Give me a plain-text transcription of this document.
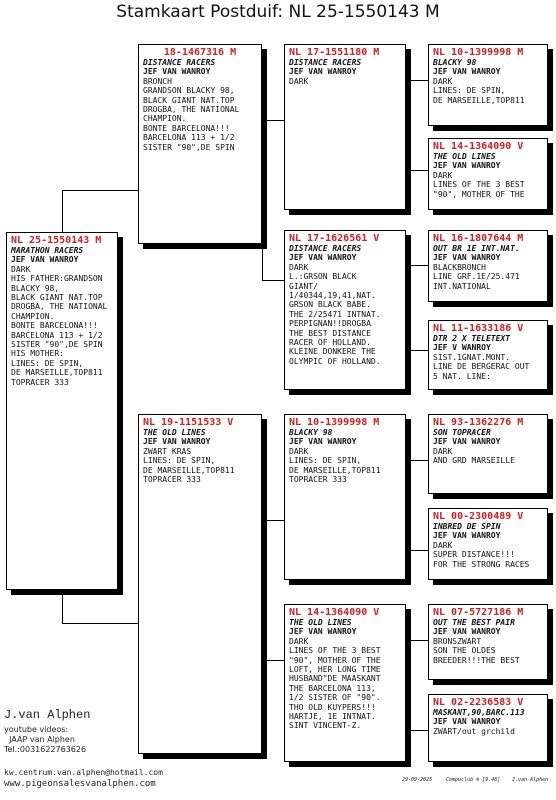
Stamkaart Postduif: NL 25-1550143 M
NL 25-1550143 M
MARATHON RACERS
JEF VAN WANROY
DARK
HIS FATHER:GRANDSON
BLACKY 98,
BLACK GIANT NAT.TOP
DROGBA, THE NATIONAL
CHAMPION.
BONTE BARCELONA!!!
BARCELONA 113 + 1/2
SISTER "90",DE SPIN
HIS MOTHER:
LINES: DE SPIN,
DE MARSEILLE,TOP811
TOPRACER 333
18-1467316 M
DISTANCE RACERS
JEF VAN WANROY
BRONCH
GRANDSON BLACKY 98,
BLACK GIANT NAT.TOP
DROGBA, THE NATIONAL
CHAMPION.
BONTE BARCELONA!!!
BARCELONA 113 + 1/2
SISTER "90",DE SPIN
NL 19-1151533 V
THE OLD LINES
JEF VAN WANROY
ZWART KRAS
LINES: DE SPIN,
DE MARSEILLE,TOP811
TOPRACER 333
NL 17-1551180 M
DISTANCE RACERS
JEF VAN WANROY
DARK
NL 17-1626561 V
DISTANCE RACERS
JEF VAN WANROY
DARK
L.:GRSON BLACK
GIANT/
1/40344,19,41,NAT.
GRSON BLACK BABE.
THE 2/25471 INTNAT.
PERPIGNAN!!DROGBA
THE BEST DISTANCE
RACER OF HOLLAND.
KLEINE DONKERE THE
OLYMPIC OF HOLLAND.
NL 10-1399998 M
BLACKY 98
JEF VAN WANROY
DARK
LINES: DE SPIN,
DE MARSEILLE,TOP811
TOPRACER 333
NL 14-1364090 V
THE OLD LINES
JEF VAN WANROY
DARK
LINES OF THE 3 BEST
"90", MOTHER OF THE
LOFT, HER LONG TIME
HUSBAND"DE MAASKANT
THE BARCELONA 113,
1/2 SISTER OF "90".
THO OLD KUYPERS!!!
HARTJE, 1E INTNAT.
SINT VINCENT-Z.
NL 10-1399998 M
BLACKY 98
JEF VAN WANROY
DARK
LINES: DE SPIN,
DE MARSEILLE,TOP811
NL 14-1364090 V
THE OLD LINES
JEF VAN WANROY
DARK
LINES OF THE 3 BEST
"90", MOTHER OF THE
NL 16-1807644 M
OUT BR 1E INT.NAT.
JEF VAN WANROY
BLACKBRONCH
LINE GRF.1E/25.471
INT.NATIONAL
NL 11-1633186 V
DTR 2 X TELETEXT
JEF V WANROY
SIST.1GNAT.MONT.
LINE DE BERGERAC OUT
5 NAT. LINE:
NL 93-1362276 M
SON TOPRACER
JEF VAN WANROY
DARK
AND GRD MARSEILLE
NL 00-2300489 V
INBRED DE SPIN
JEF VAN WANROY
DARK
SUPER DISTANCE!!!
FOR THE STRONG RACES
NL 07-5727186 M
OUT THE BEST PAIR
JEF VAN WANROY
BRONSZWART
SON THE OLDES
BREEDER!!!THE BEST
NL 02-2236583 V
MASKANT,90,BARC.113
JEF VAN WANROY
ZWART/out grchild
J.van Alphen
youtube videos:
JAAP van Alphen
Tel.:0031622763626
kw.centrum.van.alphen@hotmail.com
www.pigeonsalesvanalphen.com	29-09-2025	Compuclub ® [9.48] J.van Alphen
